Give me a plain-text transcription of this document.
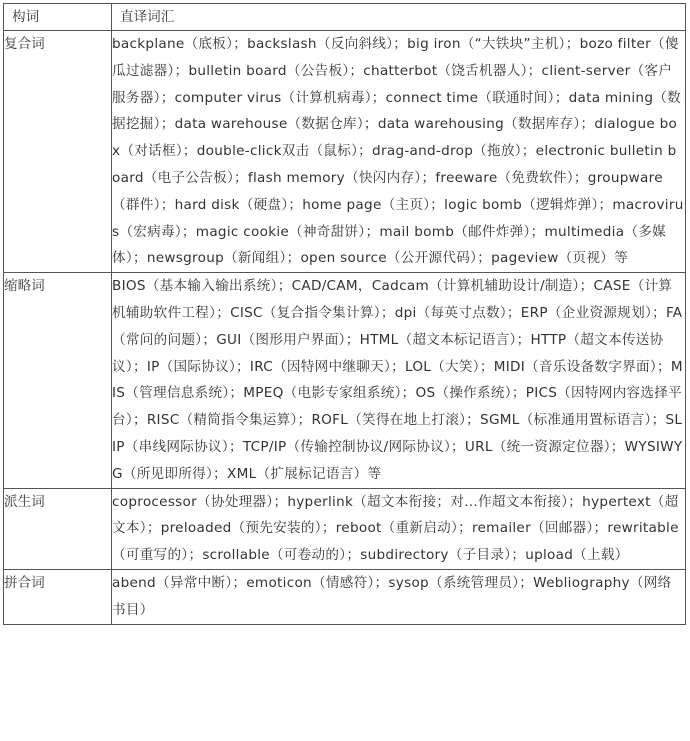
构词	直译词汇

复合词	backplane（底板）；backslash（反向斜线）；big iron（“大铁块”主机）；bozo filter（傻瓜过滤器）；bulletin board（公告板）；chatterbot（饶舌机器人）；client-server（客户服务器）；computer virus（计算机病毒）；connect time（联通时间）；data mining（数据挖掘）；data warehouse（数据仓库）；data warehousing（数据库存）；dialogue box（对话框）；double-click双击（鼠标）；drag-and-drop（拖放）；electronic bulletin board（电子公告板）；flash memory（快闪内存）；freeware（免费软件）；groupware（群件）；hard disk（硬盘）；home page（主页）；logic bomb（逻辑炸弹）；macrovirus（宏病毒）；magic cookie（神奇甜饼）；mail bomb（邮件炸弹）；multimedia（多媒体）；newsgroup（新闻组）；open source（公开源代码）；pageview（页视）等
缩略词	BIOS（基本输入输出系统）；CAD/CAM，Cadcam（计算机辅助设计/制造）；CASE（计算机辅助软件工程）；CISC（复合指令集计算）；dpi（每英寸点数）；ERP（企业资源规划）；FA（常问的问题）；GUI（图形用户界面）；HTML（超文本标记语言）；HTTP（超文本传送协议）；IP（国际协议）；IRC（因特网中继聊天）；LOL（大笑）；MIDI（音乐设备数字界面）；MIS（管理信息系统）；MPEQ（电影专家组系统）；OS（操作系统）；PICS（因特网内容选择平台）；RISC（精简指令集运算）；ROFL（笑得在地上打滚）；SGML（标准通用置标语言）；SLIP（串线网际协议）；TCP/IP（传输控制协议/网际协议）；URL（统一资源定位器）；WYSIWYG（所见即所得）；XML（扩展标记语言）等
派生词	coprocessor（协处理器）；hyperlink（超文本衔接；对…作超文本衔接）；hypertext（超文本）；preloaded（预先安装的）；reboot（重新启动）；remailer（回邮器）；rewritable（可重写的）；scrollable（可卷动的）；subdirectory（子目录）；upload（上载）
拼合词	abend（异常中断）；emoticon（情感符）；sysop（系统管理员）；Webliography（网络书目）
